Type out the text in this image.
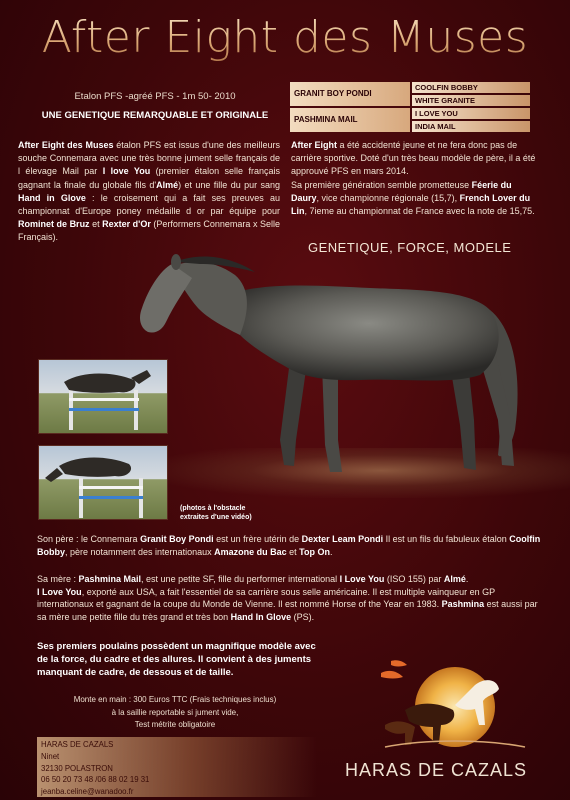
After Eight des Muses
Etalon PFS -agréé PFS - 1m 50- 2010
UNE GENETIQUE REMARQUABLE ET ORIGINALE
GRANIT BOY PONDI
PASHMINA MAIL
COOLFIN BOBBY
WHITE GRANITE
I LOVE YOU
INDIA MAIL
After Eight des Muses étalon PFS est issus d'une des meilleurs souche Connemara avec une très bonne jument selle français de l élevage Mail par I love You (premier étalon selle français gagnant la finale du globale fils d'Almé) et une fille du pur sang Hand in Glove : le croisement qui a fait ses preuves au championnat d'Europe poney médaille d or par équipe pour Rominet de Bruz et Rexter d'Or (Performers Connemara x Selle Français).
After Eight a été accidenté jeune et ne fera donc pas de carrière sportive. Doté d'un très beau modèle de père, il a été approuvé PFS en mars 2014.
Sa première génération semble prometteuse Féerie du Daury, vice championne régionale (15,7), French Lover du Lin, 7ieme au championnat de France avec la note de 15,75.
GENETIQUE, FORCE, MODELE
(photos à l'obstacle
extraites d'une vidéo)
Son père : le Connemara Granit Boy Pondi est un frère utérin de Dexter Leam Pondi Il est un fils du fabuleux étalon Coolfin Bobby, père notamment des internationaux Amazone du Bac et Top On.
Sa mère : Pashmina Mail, est une petite SF, fille du performer international I Love You (ISO 155) par Almé.
I Love You, exporté aux USA, a fait l'essentiel de sa carrière sous selle américaine. Il est multiple vainqueur en GP internationaux et gagnant de la coupe du Monde de Vienne. Il est nommé Horse of the Year en 1983. Pashmina est aussi par sa mère une petite fille du très grand et très bon Hand In Glove (PS).
Ses premiers poulains possèdent un magnifique modèle avec de la force, du cadre et des allures. Il convient à des juments manquant de cadre, de dessous et de taille.
Monte en main : 300 Euros TTC (Frais techniques inclus)
à la saillie reportable si jument vide,
Test métrite obligatoire
HARAS DE CAZALS
Ninet
32130 POLASTRON
06 50 20 73 48 /06 88 02 19 31
jeanba.celine@wanadoo.fr
HARAS DE CAZALS
